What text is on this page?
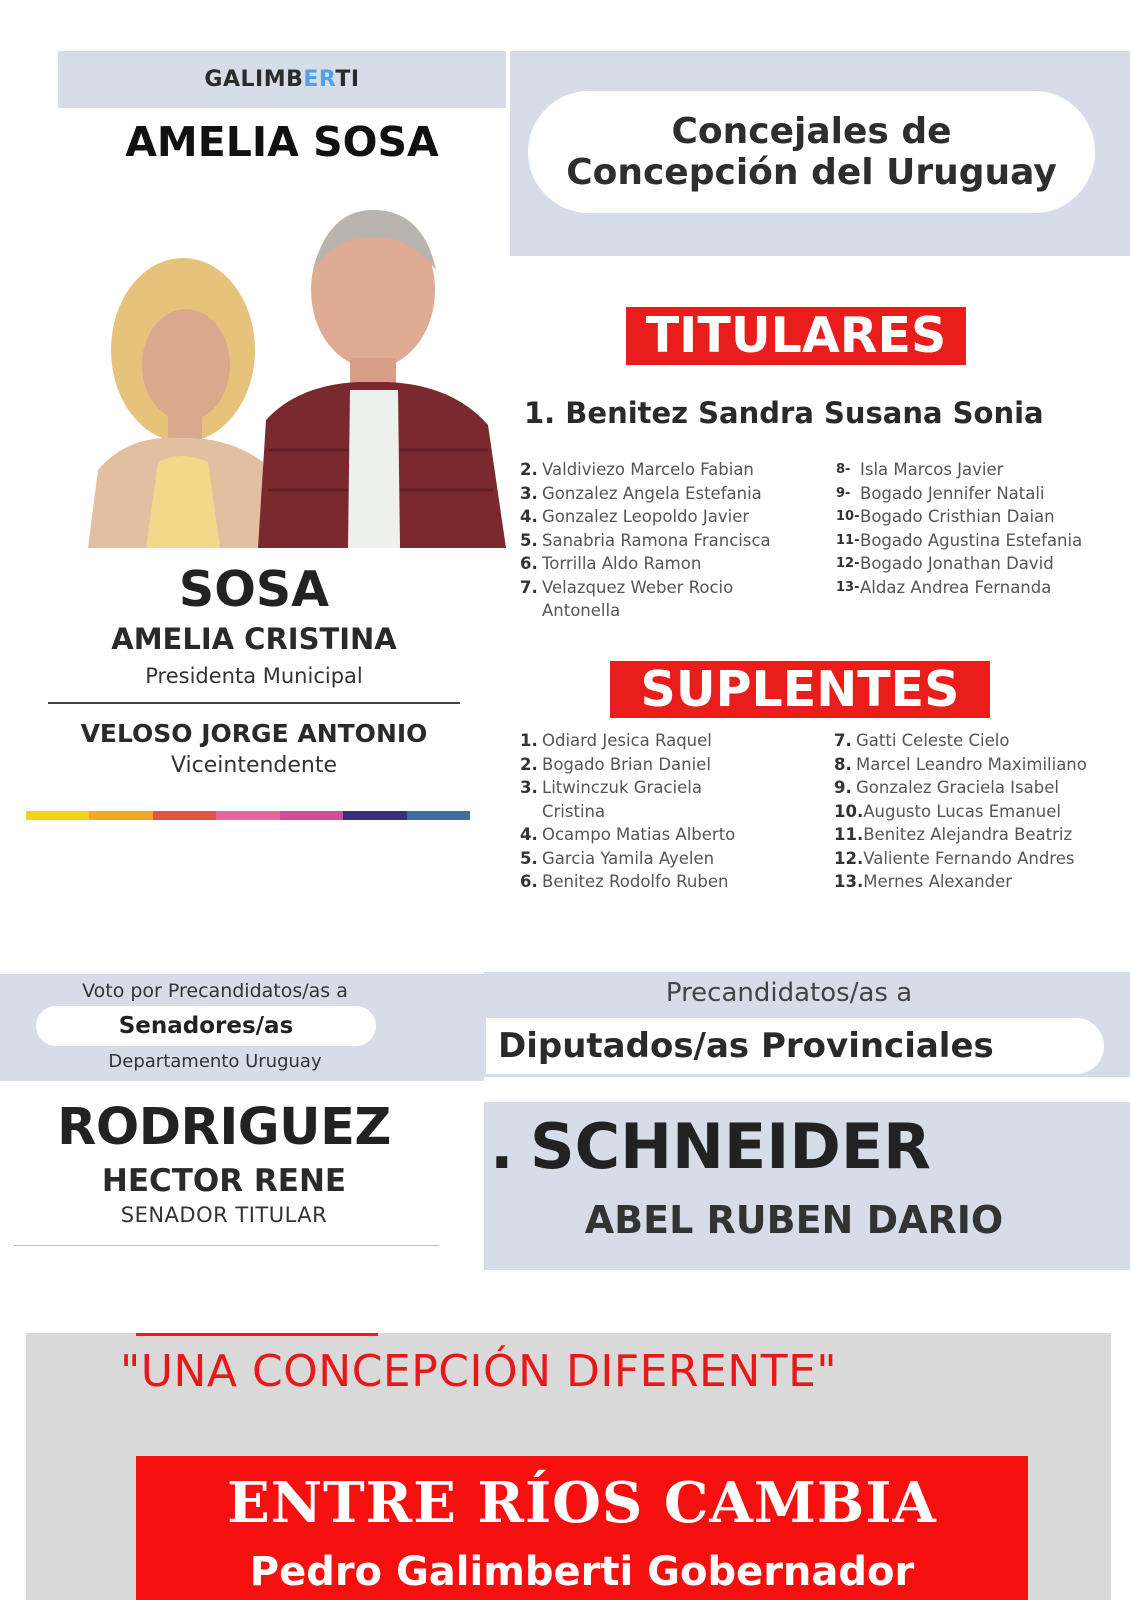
GALIMBERTI
AMELIA SOSA
SOSA
AMELIA CRISTINA
Presidenta Municipal
VELOSO JORGE ANTONIO
Viceintendente
Concejales de
Concepción del Uruguay
TITULARES
1. Benitez Sandra Susana Sonia
2. Valdiviezo Marcelo Fabian
3. Gonzalez Angela Estefania
4. Gonzalez Leopoldo Javier
5. Sanabria Ramona Francisca
6. Torrilla Aldo Ramon
7. Velazquez Weber Rocio
Antonella
8- Isla Marcos Javier
9- Bogado Jennifer Natali
10- Bogado Cristhian Daian
11- Bogado Agustina Estefania
12- Bogado Jonathan David
13- Aldaz Andrea Fernanda
SUPLENTES
1. Odiard Jesica Raquel
2. Bogado Brian Daniel
3. Litwinczuk Graciela
Cristina
4. Ocampo Matias Alberto
5. Garcia Yamila Ayelen
6. Benitez Rodolfo Ruben
7. Gatti Celeste Cielo
8. Marcel Leandro Maximiliano
9. Gonzalez Graciela Isabel
10. Augusto Lucas Emanuel
11. Benitez Alejandra Beatriz
12. Valiente Fernando Andres
13. Mernes Alexander
Voto por Precandidatos/as a
Senadores/as
Departamento Uruguay
RODRIGUEZ
HECTOR RENE
SENADOR TITULAR
Precandidatos/as a
Diputados/as Provinciales
. SCHNEIDER
ABEL RUBEN DARIO
"UNA CONCEPCIÓN DIFERENTE"
ENTRE RÍOS CAMBIA
Pedro Galimberti Gobernador
